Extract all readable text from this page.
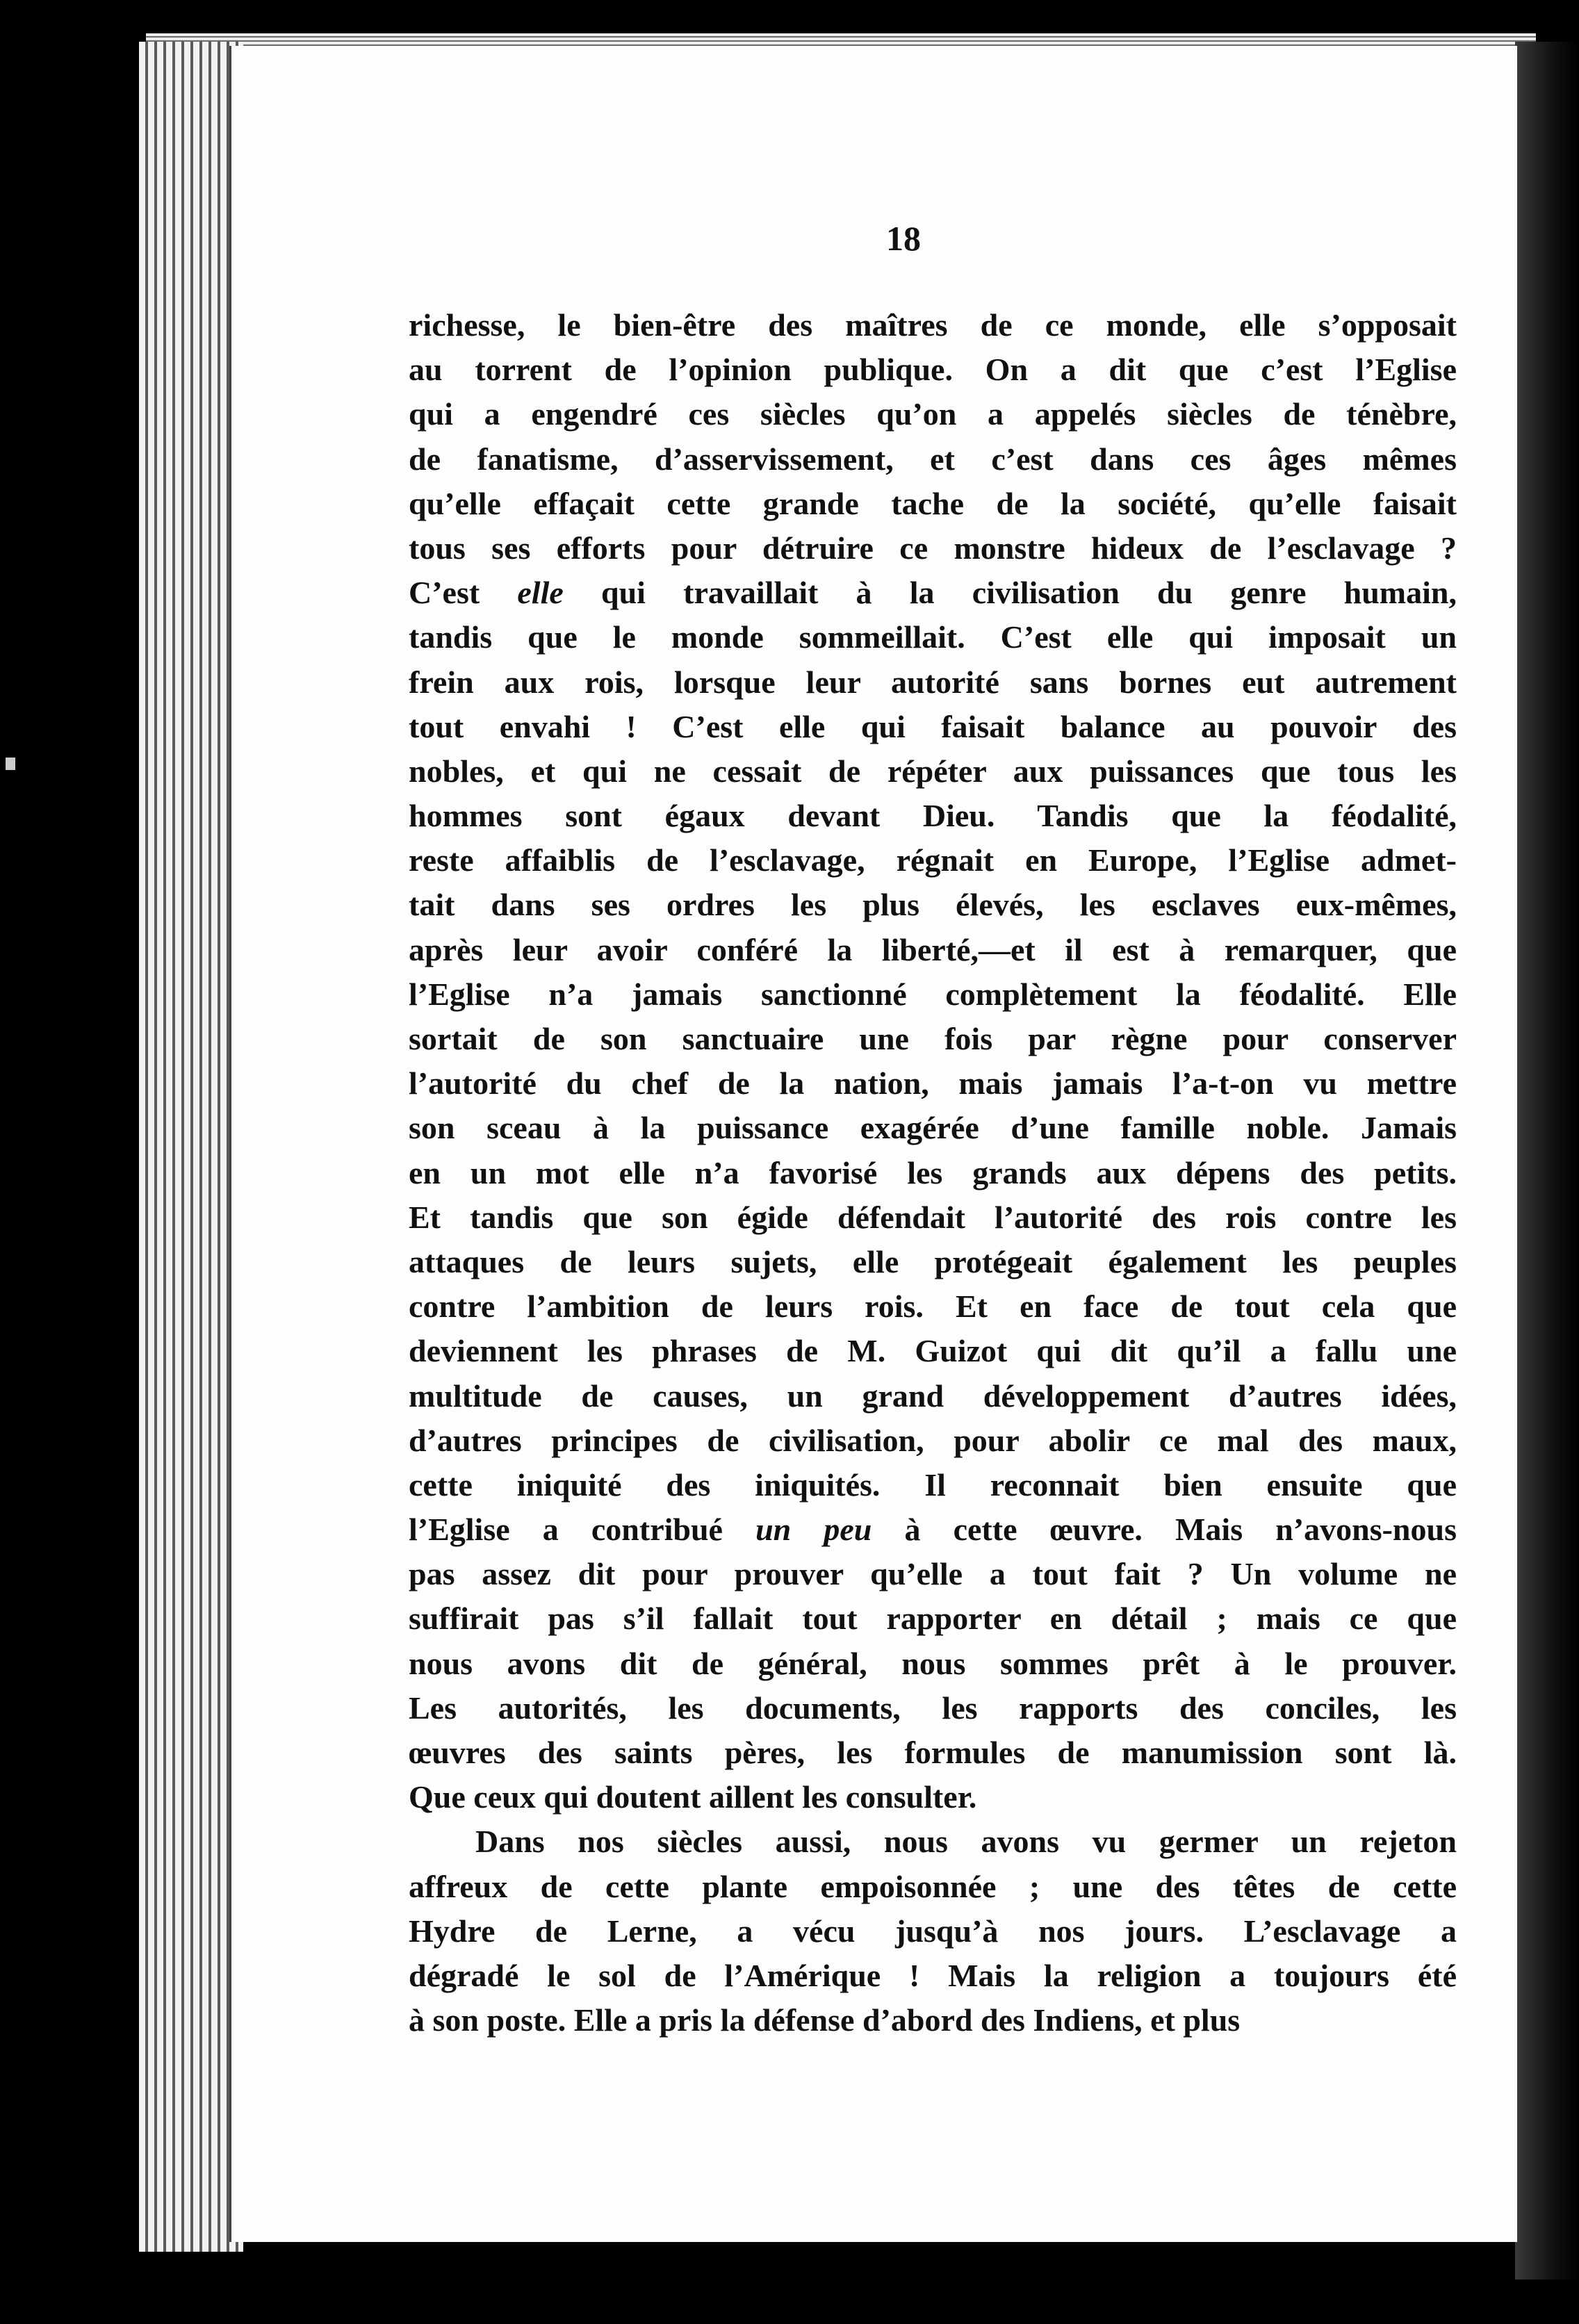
18
richesse, le bien-être des maîtres de ce monde, elle s’opposait
au torrent de l’opinion publique. On a dit que c’est l’Eglise
qui a engendré ces siècles qu’on a appelés siècles de ténèbre,
de fanatisme, d’asservissement, et c’est dans ces âges mêmes
qu’elle effaçait cette grande tache de la société, qu’elle faisait
tous ses efforts pour détruire ce monstre hideux de l’esclavage ?
C’est elle qui travaillait à la civilisation du genre humain,
tandis que le monde sommeillait. C’est elle qui imposait un
frein aux rois, lorsque leur autorité sans bornes eut autrement
tout envahi ! C’est elle qui faisait balance au pouvoir des
nobles, et qui ne cessait de répéter aux puissances que tous les
hommes sont égaux devant Dieu. Tandis que la féodalité,
reste affaiblis de l’esclavage, régnait en Europe, l’Eglise admet-
tait dans ses ordres les plus élevés, les esclaves eux-mêmes,
après leur avoir conféré la liberté,—et il est à remarquer, que
l’Eglise n’a jamais sanctionné complètement la féodalité. Elle
sortait de son sanctuaire une fois par règne pour conserver
l’autorité du chef de la nation, mais jamais l’a-t-on vu mettre
son sceau à la puissance exagérée d’une famille noble. Jamais
en un mot elle n’a favorisé les grands aux dépens des petits.
Et tandis que son égide défendait l’autorité des rois contre les
attaques de leurs sujets, elle protégeait également les peuples
contre l’ambition de leurs rois. Et en face de tout cela que
deviennent les phrases de M. Guizot qui dit qu’il a fallu une
multitude de causes, un grand développement d’autres idées,
d’autres principes de civilisation, pour abolir ce mal des maux,
cette iniquité des iniquités. Il reconnait bien ensuite que
l’Eglise a contribué un peu à cette œuvre. Mais n’avons-nous
pas assez dit pour prouver qu’elle a tout fait ? Un volume ne
suffirait pas s’il fallait tout rapporter en détail ; mais ce que
nous avons dit de général, nous sommes prêt à le prouver.
Les autorités, les documents, les rapports des conciles, les
œuvres des saints pères, les formules de manumission sont là.
Que ceux qui doutent aillent les consulter.
Dans nos siècles aussi, nous avons vu germer un rejeton
affreux de cette plante empoisonnée ; une des têtes de cette
Hydre de Lerne, a vécu jusqu’à nos jours. L’esclavage a
dégradé le sol de l’Amérique ! Mais la religion a toujours été
à son poste. Elle a pris la défense d’abord des Indiens, et plus
